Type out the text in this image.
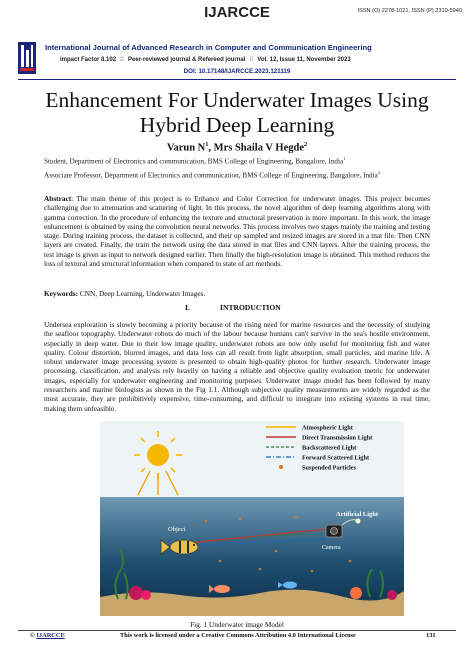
IJARCCE	ISSN (O) 2278-1021, ISSN (P) 2319-5940
International Journal of Advanced Research in Computer and Communication Engineering
Impact Factor 8.102 ⁞⁞ Peer-reviewed journal & Refereed journal ⁞⁞ Vol. 12, Issue 11, November 2023
DOI: 10.17148/IJARCCE.2023.121119
Enhancement For Underwater Images Using Hybrid Deep Learning
Varun $N^1$, Mrs Shaila V Hegde$^2$
Student, Department of Electronics and communication, BMS College of Engineering, Bangalore, India$^1$
Associate Professor, Department of Electronics and communication, BMS College of Engineering, Bangalore, India$^2$
Abstract: The main theme of this project is to Enhance and Color Correction for underwater images. This project becomes challenging due to attenuation and scattering of light. In this process, the novel algorithm of deep learning algorithms along with gamma correction. In the procedure of enhancing the texture and structural preservation is more important. In this work, the image enhancement is obtained by using the convolution neural networks. This process involves two stages mainly the training and testing stage. During training process, the dataset is collected, and their up sampled and resized images are stored in a mat file. Then CNN layers are created. Finally, the train the network using the data stored in mat files and CNN layers. After the training process, the test image is given as input to network designed earlier. Then finally the high-resolution image is obtained. This method reduces the loss of textural and structural information when compared to state of art methods.
Keywords: CNN, Deep Learning, Underwater Images.
I.	INTRODUCTION
Undersea exploration is slowly becoming a priority because of the rising need for marine resources and the necessity of studying the seafloor topography. Underwater robots do much of the labour because humans can't survive in the sea's hostile environment, especially in deep water. Due to their low image quality, underwater robots are now only useful for monitoring fish and water quality. Colour distortion, blurred images, and data loss can all result from light absorption, small particles, and marine life. A robust underwater image processing system is presented to obtain high-quality photos for further research. Underwater image processing, classification, and analysis rely heavily on having a reliable and objective quality evaluation metric for underwater images, especially for underwater engineering and monitoring purposes. Underwater image model has been followed by many researchers and marine biologists as shown in the Fig 1.1. Although subjective quality measurements are widely regarded as the most accurate, they are prohibitively expensive, time-consuming, and difficult to integrate into existing systems in real time, making them unfeasible.
Atmospheric Light
Direct Transmission Light
Backscattered Light
Forward Scattered Light
Suspended Particles
Object
Artificial Light
Camera
Fig. 1 Underwater image Model
© IJARCCE	This work is licensed under a Creative Commons Attribution 4.0 International License	131
